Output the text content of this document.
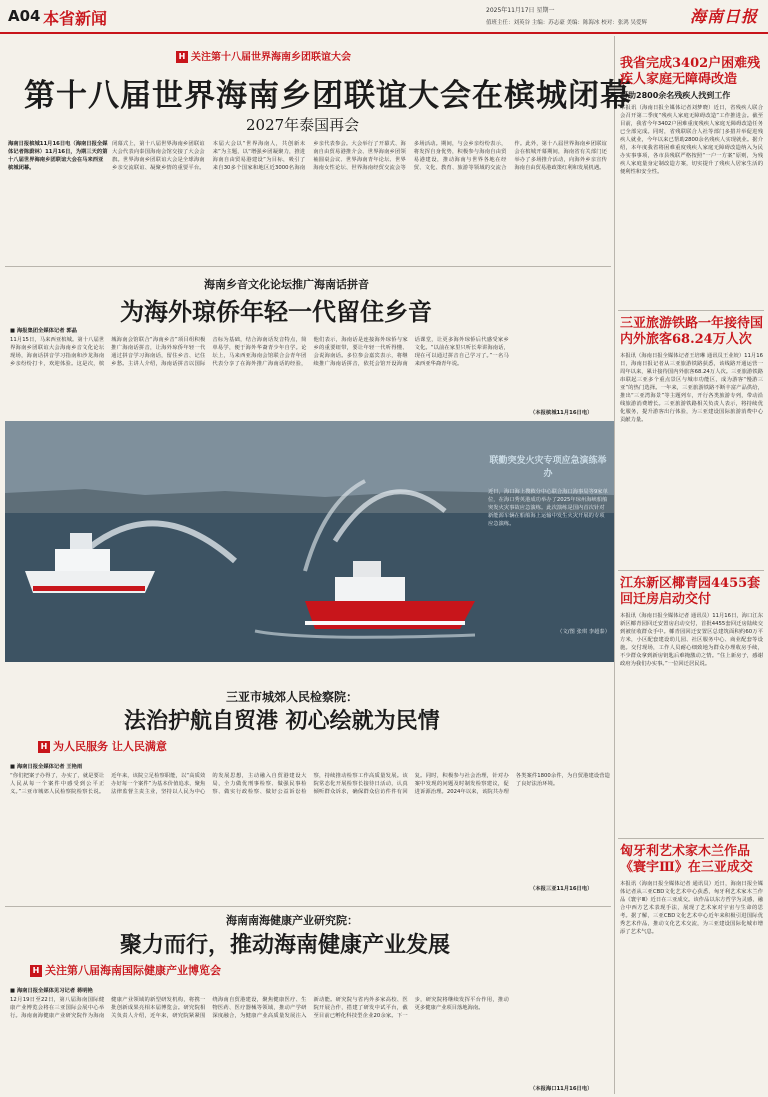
A04 本省新闻	2025年11月17日 星期一
值班主任：刘英谷 主编：苏志豪 美编：陈海冰 校对：张鸿 吴爱辉	海南日报
H 关注第十八届世界海南乡团联谊大会
第十八届世界海南乡团联谊大会在槟城闭幕
2027年泰国再会
海南日报槟城11月16日电（海南日报全媒体记者陈蔚林）11月16日，为期三天的第十八届世界海南乡团联谊大会在马来西亚槟城闭幕。
闭幕式上，第十八届世界海南乡团联谊大会代表向泰国海南会馆交接了大会会旗。世界海南乡团联谊大会是全球海南乡亲交流联谊、凝聚乡情的重要平台。本届大会以“世界海南人，共创新未来”为主题，以“增强乡团凝聚力，推进海南自由贸易港建设”为目标，吸引了来自30多个国家和地区近3000名海南乡亲代表参会。大会举行了开幕式、海南自由贸易港推介会、世界海南乡团领袖圆桌会议、世界海南青年论坛、世界海南女性论坛、世界海南经贸交流会等多场活动。期间，与会乡亲纷纷表示，将发挥自身优势，积极参与海南自由贸易港建设，推动海南与世界各地在经贸、文化、教育、旅游等领域的交流合作。此外，第十八届世界海南乡团联谊会在槟城开幕期间，海南省有关部门还举办了多场推介活动，向海外乡亲宣传海南自由贸易港政策红利和发展机遇。
海南乡音文化论坛推广海南话拼音
为海外琼侨年轻一代留住乡音
■ 海报集团全媒体记者 郭晶
11月15日，马来西亚槟城。第十八届世界海南乡团联谊大会海南乡音文化论坛现场，海南话拼音学习指南和沙龙海南乡亲纷纷打卡，欢迎体验。这是次，槟城海南会馆联合“海南乡音”项目组积极推广海南话拼音，让海外琼侨年轻一代通过拼音学习海南话，留住乡音、记住乡愁。主讲人介绍，海南话拼音以国际音标为基础，结合海南话发音特点，简单易学，便于海外华裔青少年自学。论坛上，马来西亚海南会馆联合会青年团代表分享了在海外推广海南话的经验，他们表示，海南话是连接海外琼侨与家乡的重要纽带，要让年轻一代听得懂、会说海南话。多位参会嘉宾表示，将继续推广海南话拼音，依托会馆开设海南话课堂，让更多海外琼侨后代感受家乡文化。“以前在家里只听长辈讲海南话，现在可以通过拼音自己学习了。”一名马来西亚华裔青年说。
（本报槟城11月16日电）
联勤突发火灾专项应急演练举办
近日，海口海上搜救分中心联合海口海事局等9家单位，在海口秀英港成功举办了2025年琼州海峡船舶突发火灾事故应急演练。此次演练是国内首次针对新能源车辆在船舶海上运输中发生火灾开展的专项应急演练。
（文/图 张琪 李超泰）
三亚市城郊人民检察院：
法治护航自贸港 初心绘就为民情
H 为人民服务 让人民满意
■ 海南日报全媒体记者 王艳雨
“你们把案子办得了，办实了，就是要让人民从每一个案件中感受到公平正义。”三亚市城郊人民检察院检察长说。近年来，该院立足检察职能，以“高质效办好每一个案件”为基本价值追求，聚焦法律监督主责主业，坚持以人民为中心的发展思想，主动融入自贸港建设大局，全力做优刑事检察、做强民事检察、做实行政检察、做好公益诉讼检察，持续推动检察工作高质量发展。该院常态化开展检察长接待日活动，认真倾听群众诉求，确保群众信访件件有回复。同时，积极参与社会治理，针对办案中发现的问题及时制发检察建议，促进诉源治理。2024年以来，该院共办理各类案件1800余件，为自贸港建设营造了良好法治环境。
（本报三亚11月16日电）
海南南海健康产业研究院：
聚力而行，推动海南健康产业发展
H 关注第八届海南国际健康产业博览会
■ 海南日报全媒体见习记者 蒋明艳
12月19日至22日，第八届海南国际健康产业博览会将在三亚国际会展中心举行。海南南海健康产业研究院作为海南健康产业领域的新型研发机构，将携一批创新成果亮相本届博览会。研究院相关负责人介绍，近年来，研究院紧紧围绕海南自贸港建设，聚焦健康医疗、生物医药、医疗器械等领域，推动产学研深度融合，为健康产业高质量发展注入新动能。研究院与省内外多家高校、医院开展合作，搭建了研发中试平台，截至目前已孵化科技型企业20余家。下一步，研究院将继续发挥平台作用，推动更多健康产业项目落地海南。
（本报海口11月16日电）
我省完成3402户困难残疾人家庭无障碍改造
帮助2800余名残疾人找到工作
本报讯（海南日报全媒体记者刘梦晓）近日，省残疾人联合会召开第二季度“残疾人家庭无障碍改造”工作推进会。截至目前，我省今年3402户困难重度残疾人家庭无障碍改造任务已全部完成。同时，省残联联合人社等部门多措并举促进残疾人就业，今年以来已帮助2800余名残疾人实现就业。据介绍，本年度我省将困难重度残疾人家庭无障碍改造纳入为民办实事事项，各市县残联严格按照“一户一方案”原则，为残疾人家庭量身定制改造方案，切实提升了残疾人居家生活的便利性和安全性。
三亚旅游铁路一年接待国内外旅客68.24万人次
本报讯（海南日报全媒体记者王培琳 通讯员王业姣）11月16日，海南日报记者从三亚旅游铁路获悉，该线路开通运营一周年以来，累计接待国内外旅客68.24万人次。三亚旅游铁路串联起三亚多个重点景区与城市功能区，成为游客“慢游三亚”的热门选择。一年来，三亚旅游铁路不断丰富产品供给，推出“三亚湾海景”等主题列车，开行各类旅游专列，带动沿线旅游消费增长。三亚旅游铁路相关负责人表示，将持续优化服务，提升游客出行体验，为三亚建设国际旅游消费中心贡献力量。
江东新区椰青园4455套回迁房启动交付
本报讯（海南日报全媒体记者 通讯员）11月16日，海口江东新区椰青园回迁安置房启动交付，首批4455套回迁房陆续交到被征收群众手中。椰青园回迁安置区总建筑面积约60万平方米，小区配套建设幼儿园、社区服务中心、商业配套等设施。交付现场，工作人员耐心细致地为群众办理收房手续，不少群众拿到新房钥匙后难掩激动之情。“住上新房子，感谢政府为我们办实事。”一位回迁居民说。
匈牙利艺术家木兰作品《寰宇Ⅲ》在三亚成交
本报讯（海南日报全媒体记者 通讯员）近日，海南日报全媒体记者从三亚CBD文化艺术中心获悉，匈牙利艺术家木兰作品《寰宇Ⅲ》近日在三亚成交。该作品以东方哲学为灵感，融合中西方艺术表现手法，展现了艺术家对宇宙与生命的思考。据了解，三亚CBD文化艺术中心近年来积极引进国际优秀艺术作品，推动文化艺术交流，为三亚建设国际化城市增添了艺术气息。
